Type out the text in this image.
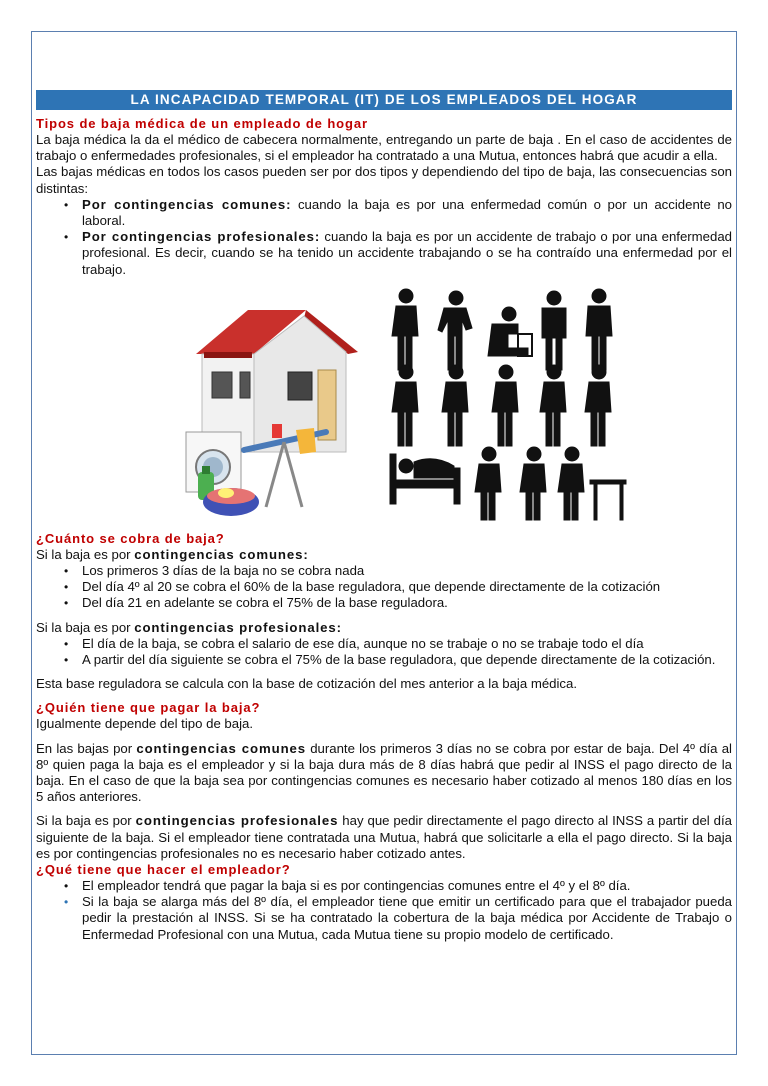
LA INCAPACIDAD TEMPORAL (IT) DE LOS EMPLEADOS DEL HOGAR
Tipos de baja médica de un empleado de hogar

La baja médica la da el médico de cabecera normalmente, entregando un parte de baja . En el caso de accidentes de trabajo o enfermedades profesionales, si el empleador ha contratado a una Mutua, entonces habrá que acudir a ella.

Las bajas médicas en todos los casos pueden ser por dos tipos y dependiendo del tipo de baja, las consecuencias son distintas:

• Por contingencias comunes: cuando la baja es por una enfermedad común o por un accidente no laboral.
• Por contingencias profesionales: cuando la baja es por un accidente de trabajo o por una enfermedad profesional. Es decir, cuando se ha tenido un accidente trabajando o se ha contraído una enfermedad por el trabajo.
¿Cuánto se cobra de baja?

Si la baja es por contingencias comunes:

• Los primeros 3 días de la baja no se cobra nada
• Del día 4º al 20 se cobra el 60% de la base reguladora, que depende directamente de la cotización
• Del día 21 en adelante se cobra el 75% de la base reguladora.

Si la baja es por contingencias profesionales:

• El día de la baja, se cobra el salario de ese día, aunque no se trabaje o no se trabaje todo el día
• A partir del día siguiente se cobra el 75% de la base reguladora, que depende directamente de la cotización.

Esta base reguladora se calcula con la base de cotización del mes anterior a la baja médica.

¿Quién tiene que pagar la baja?

Igualmente depende del tipo de baja.

En las bajas por contingencias comunes durante los primeros 3 días no se cobra por estar de baja. Del 4º día al 8º quien paga la baja es el empleador y si la baja dura más de 8 días habrá que pedir al INSS el pago directo de la baja. En el caso de que la baja sea por contingencias comunes es necesario haber cotizado al menos 180 días en los 5 años anteriores.

Si la baja es por contingencias profesionales hay que pedir directamente el pago directo al INSS a partir del día siguiente de la baja. Si el empleador tiene contratada una Mutua, habrá que solicitarle a ella el pago directo. Si la baja es por contingencias profesionales no es necesario haber cotizado antes.

¿Qué tiene que hacer el empleador?
• El empleador tendrá que pagar la baja si es por contingencias comunes entre el 4º y el 8º día.
• Si la baja se alarga más del 8º día, el empleador tiene que emitir un certificado para que el trabajador pueda pedir la prestación al INSS. Si se ha contratado la cobertura de la baja médica por Accidente de Trabajo o Enfermedad Profesional con una Mutua, cada Mutua tiene su propio modelo de certificado.
